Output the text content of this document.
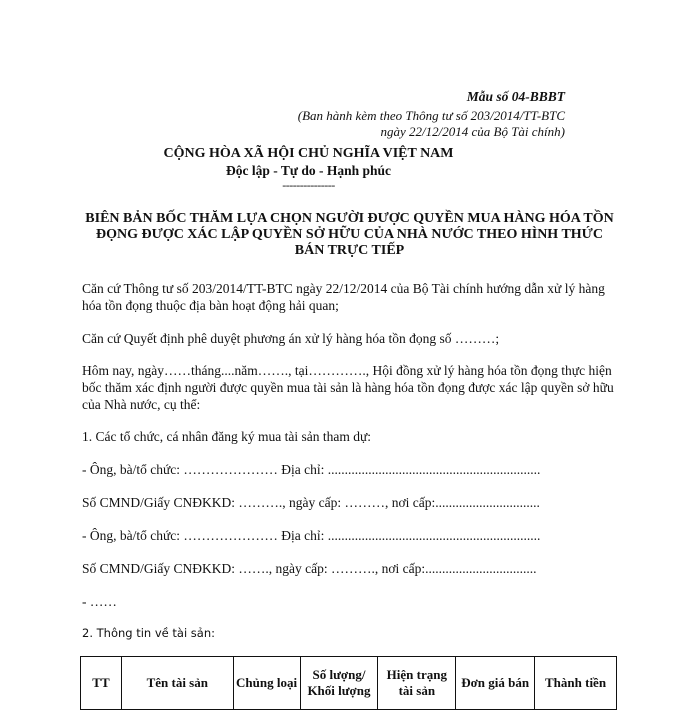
Mẫu số 04-BBBT
(Ban hành kèm theo Thông tư số 203/2014/TT-BTC
ngày 22/12/2014 của Bộ Tài chính)
CỘNG HÒA XÃ HỘI CHỦ NGHĨA VIỆT NAM
Độc lập - Tự do - Hạnh phúc
---------------
BIÊN BẢN BỐC THĂM LỰA CHỌN NGƯỜI ĐƯỢC QUYỀN MUA HÀNG HÓA TỒN ĐỌNG ĐƯỢC XÁC LẬP QUYỀN SỞ HỮU CỦA NHÀ NƯỚC THEO HÌNH THỨC BÁN TRỰC TIẾP
Căn cứ Thông tư số 203/2014/TT-BTC ngày 22/12/2014 của Bộ Tài chính hướng dẫn xử lý hàng hóa tồn đọng thuộc địa bàn hoạt động hải quan;
Căn cứ Quyết định phê duyệt phương án xử lý hàng hóa tồn đọng số ………;
Hôm nay, ngày……tháng....năm……., tại…………., Hội đồng xử lý hàng hóa tồn đọng thực hiện bốc thăm xác định người được quyền mua tài sản là hàng hóa tồn đọng được xác lập quyền sở hữu của Nhà nước, cụ thể:
1. Các tổ chức, cá nhân đăng ký mua tài sản tham dự:
- Ông, bà/tổ chức: ………………… Địa chỉ: ...............................................................
Số CMND/Giấy CNĐKKD: ………., ngày cấp: ………, nơi cấp:...............................
- Ông, bà/tổ chức: ………………… Địa chỉ: ...............................................................
Số CMND/Giấy CNĐKKD: ……., ngày cấp: ………., nơi cấp:.................................
- ……
2. Thông tin về tài sản:
TT	Tên tài sản	Chủng loại	Số lượng/ Khối lượng	Hiện trạng tài sản	Đơn giá bán	Thành tiền
